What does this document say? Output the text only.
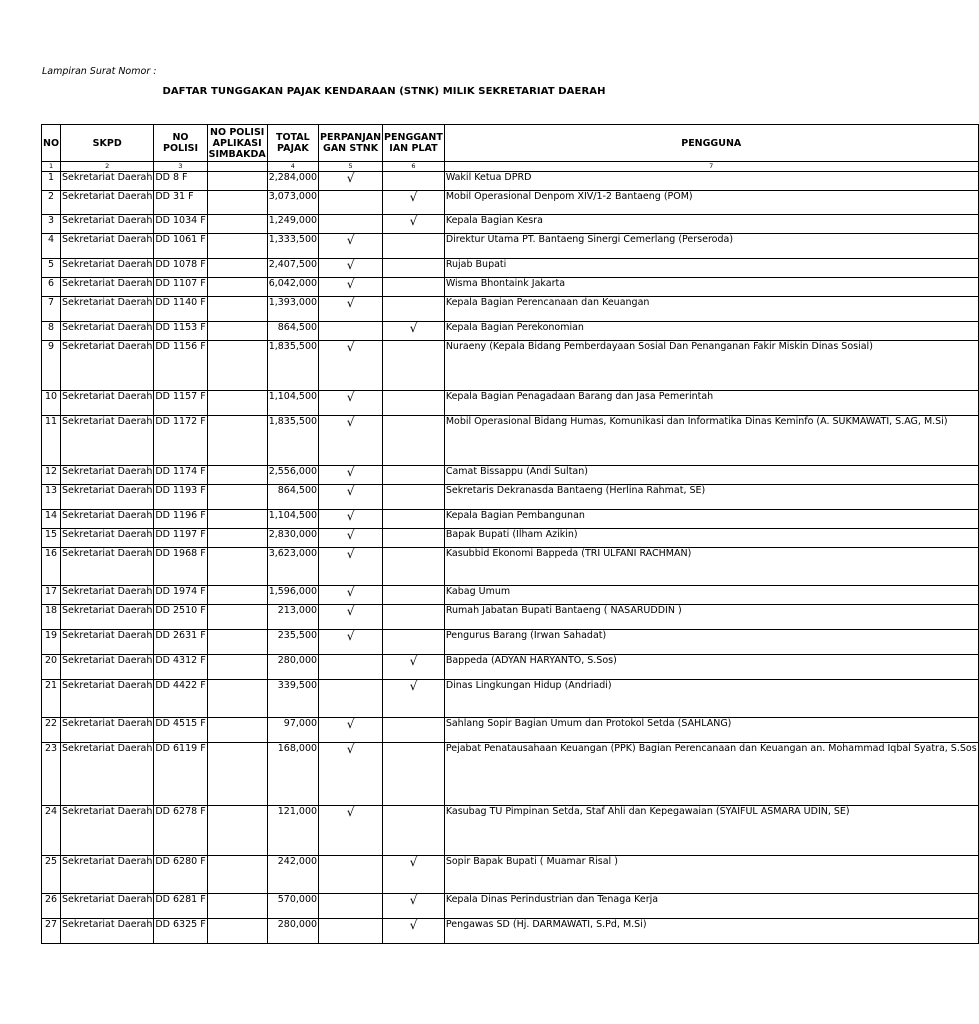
Lampiran Surat Nomor :
DAFTAR TUNGGAKAN PAJAK KENDARAAN (STNK) MILIK SEKRETARIAT DAERAH
NO	SKPD	NO POLISI	NO POLISI APLIKASI SIMBAKDA	TOTAL PAJAK	PERPANJAN GAN STNK	PENGGANT IAN PLAT	PENGGUNA
1	2	3		4	5	6	7

1	Sekretariat Daerah	DD 8 F		2,284,000	√		Wakil Ketua DPRD

2	Sekretariat Daerah	DD 31 F		3,073,000		√	Mobil Operasional Denpom XIV/1-2 Bantaeng (POM)

3	Sekretariat Daerah	DD 1034 F		1,249,000		√	Kepala Bagian Kesra

4	Sekretariat Daerah	DD 1061 F		1,333,500	√		Direktur Utama PT. Bantaeng Sinergi Cemerlang (Perseroda)

5	Sekretariat Daerah	DD 1078 F		2,407,500	√		Rujab Bupati

6	Sekretariat Daerah	DD 1107 F		6,042,000	√		Wisma Bhontaink Jakarta

7	Sekretariat Daerah	DD 1140 F		1,393,000	√		Kepala Bagian Perencanaan dan Keuangan

8	Sekretariat Daerah	DD 1153 F		864,500		√	Kepala Bagian Perekonomian

9	Sekretariat Daerah	DD 1156 F		1,835,500	√		Nuraeny (Kepala Bidang Pemberdayaan Sosial Dan Penanganan Fakir Miskin Dinas Sosial)

10	Sekretariat Daerah	DD 1157 F		1,104,500	√		Kepala Bagian Penagadaan Barang dan Jasa Pemerintah

11	Sekretariat Daerah	DD 1172 F		1,835,500	√		Mobil Operasional Bidang Humas, Komunikasi dan Informatika Dinas Keminfo (A. SUKMAWATI, S.AG, M.Si)

12	Sekretariat Daerah	DD 1174 F		2,556,000	√		Camat Bissappu (Andi Sultan)

13	Sekretariat Daerah	DD 1193 F		864,500	√		Sekretaris Dekranasda Bantaeng (Herlina Rahmat, SE)

14	Sekretariat Daerah	DD 1196 F		1,104,500	√		Kepala Bagian Pembangunan

15	Sekretariat Daerah	DD 1197 F		2,830,000	√		Bapak Bupati (Ilham Azikin)

16	Sekretariat Daerah	DD 1968 F		3,623,000	√		Kasubbid Ekonomi Bappeda (TRI ULFANI RACHMAN)

17	Sekretariat Daerah	DD 1974 F		1,596,000	√		Kabag Umum

18	Sekretariat Daerah	DD 2510 F		213,000	√		Rumah Jabatan Bupati Bantaeng ( NASARUDDIN )

19	Sekretariat Daerah	DD 2631 F		235,500	√		Pengurus Barang (Irwan Sahadat)

20	Sekretariat Daerah	DD 4312 F		280,000		√	Bappeda (ADYAN HARYANTO, S.Sos)

21	Sekretariat Daerah	DD 4422 F		339,500		√	Dinas Lingkungan Hidup (Andriadi)

22	Sekretariat Daerah	DD 4515 F		97,000	√		Sahlang Sopir Bagian Umum dan Protokol Setda (SAHLANG)

23	Sekretariat Daerah	DD 6119 F		168,000	√		Pejabat Penatausahaan Keuangan (PPK) Bagian Perencanaan dan Keuangan an. Mohammad Iqbal Syatra, S.Sos

24	Sekretariat Daerah	DD 6278 F		121,000	√		Kasubag TU Pimpinan Setda, Staf Ahli dan Kepegawaian (SYAIFUL ASMARA UDIN, SE)

25	Sekretariat Daerah	DD 6280 F		242,000		√	Sopir Bapak Bupati ( Muamar Risal )

26	Sekretariat Daerah	DD 6281 F		570,000		√	Kepala Dinas Perindustrian dan Tenaga Kerja

27	Sekretariat Daerah	DD 6325 F		280,000		√	Pengawas SD (Hj. DARMAWATI, S.Pd, M.Si)
